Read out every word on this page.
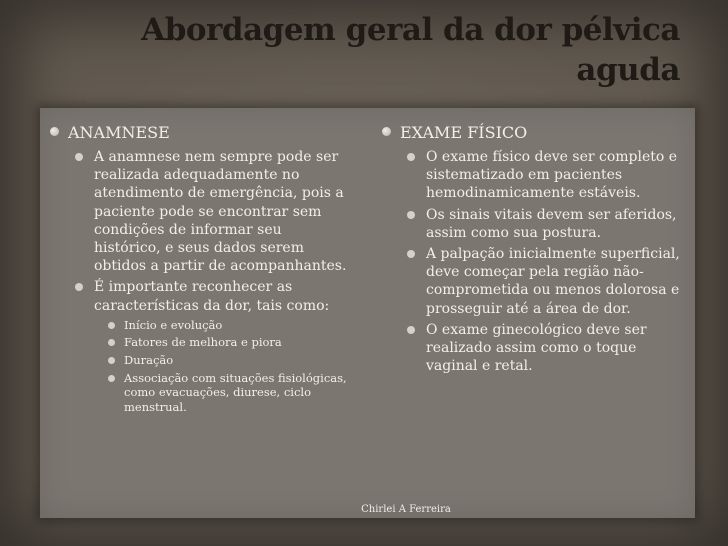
Abordagem geral da dor pélvica aguda
ANAMNESE
A anamnese nem sempre pode ser realizada adequadamente no atendimento de emergência, pois a paciente pode se encontrar sem condições de informar seu histórico, e seus dados serem obtidos a partir de acompanhantes.
É importante reconhecer as características da dor, tais como:
Início e evolução
Fatores de melhora e piora
Duração
Associação com situações fisiológicas, como evacuações, diurese, ciclo menstrual.
EXAME FÍSICO
O exame físico deve ser completo e sistematizado em pacientes hemodinamicamente estáveis.
Os sinais vitais devem ser aferidos, assim como sua postura.
A palpação inicialmente superficial, deve começar pela região não-comprometida ou menos dolorosa e prosseguir até a área de dor.
O exame ginecológico deve ser realizado assim como o toque vaginal e retal.
Chirlei A Ferreira
